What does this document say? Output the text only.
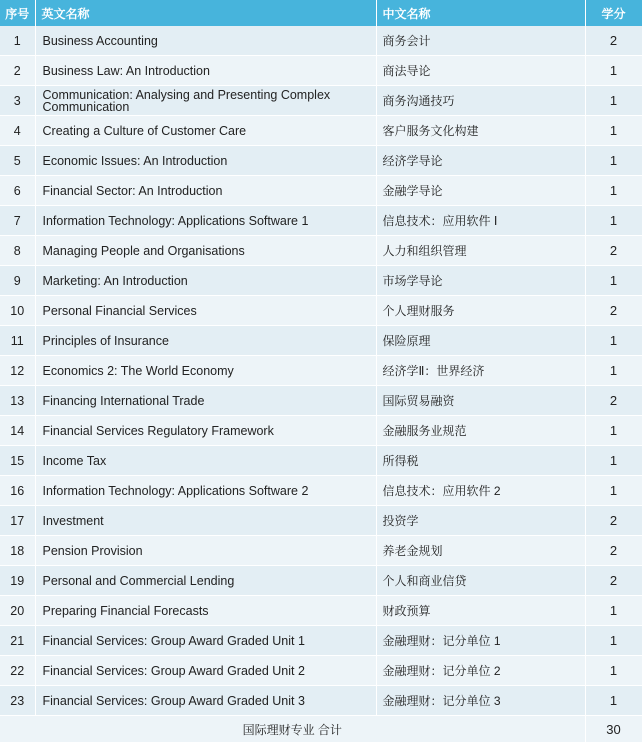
序号	英文名称	中文名称	学分
1	Business Accounting	商务会计	2
2	Business Law: An Introduction	商法导论	1
3	Communication: Analysing and Presenting Complex Communication	商务沟通技巧	1
4	Creating a Culture of Customer Care	客户服务文化构建	1
5	Economic Issues: An Introduction	经济学导论	1
6	Financial Sector: An Introduction	金融学导论	1
7	Information Technology: Applications Software 1	信息技术：应用软件 Ⅰ	1
8	Managing People and Organisations	人力和组织管理	2
9	Marketing: An Introduction	市场学导论	1
10	Personal Financial Services	个人理财服务	2
11	Principles of Insurance	保险原理	1
12	Economics 2: The World Economy	经济学Ⅱ：世界经济	1
13	Financing International Trade	国际贸易融资	2
14	Financial Services Regulatory Framework	金融服务业规范	1
15	Income Tax	所得税	1
16	Information Technology: Applications Software 2	信息技术：应用软件 2	1
17	Investment	投资学	2
18	Pension Provision	养老金规划	2
19	Personal and Commercial Lending	个人和商业信贷	2
20	Preparing Financial Forecasts	财政预算	1
21	Financial Services: Group Award Graded Unit 1	金融理财：记分单位 1	1
22	Financial Services: Group Award Graded Unit 2	金融理财：记分单位 2	1
23	Financial Services: Group Award Graded Unit 3	金融理财：记分单位 3	1
国际理财专业 合计			30
